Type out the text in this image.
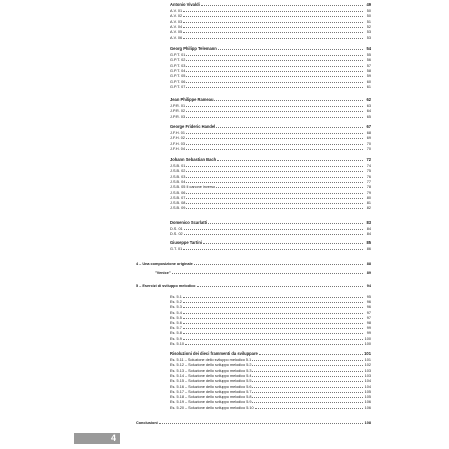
Antonio Vivaldi	49
A.V. 01	50
A.V. 02	50
A.V. 03	51
A.V. 04	52
A.V. 05	53
A.V. 06	53
Georg Philipp Telemann	54
G.P.T. 01	55
G.P.T. 02	56
G.P.T. 03	57
G.P.T. 04	58
G.P.T. 05	59
G.P.T. 06	60
G.P.T. 07	61
Jean Philippe Rameau	62
J.P.R. 01	63
J.P.R. 02	64
J.P.R. 03	65
George Frideric Handel	67
J.F.H. 01	68
J.F.H. 02	69
J.F.H. 03	70
J.F.H. 04	70
Johann Sebastian Bach	72
J.S.B. 01	74
J.S.B. 02	75
J.S.B. 03	76
J.S.B. 04	77
J.S.B. 05 Il canone inverso	78
J.S.B. 06	79
J.S.B. 07	80
J.S.B. 08	81
J.S.B. 09	82
Domenico Scarlatti	83
D.S. 01	84
D.S. 02	84
Giuseppe Tartini	85
G.T. 01	86
4 – Una composizione originale	88
"Venice"	89
5 – Esercizi di sviluppo melodico	94
Es. 5.1	95
Es. 5.2	96
Es. 5.3	96
Es. 5.4	97
Es. 5.5	97
Es. 5.6	98
Es. 5.7	99
Es. 5.8	99
Es. 5.9	100
Es. 5.10	100
Risoluzioni dei dieci frammenti da sviluppare	101
Es. 5.11 – Soluzione dello sviluppo melodico 5.1	101
Es. 5.12 – Soluzione dello sviluppo melodico 5.2	102
Es. 5.13 – Soluzione dello sviluppo melodico 5.3	103
Es. 5.14 – Soluzione dello sviluppo melodico 5.4	103
Es. 5.15 – Soluzione dello sviluppo melodico 5.5	104
Es. 5.16 – Soluzione dello sviluppo melodico 5.6	104
Es. 5.17 – Soluzione dello sviluppo melodico 5.7	105
Es. 5.18 – Soluzione dello sviluppo melodico 5.8	105
Es. 5.19 – Soluzione dello sviluppo melodico 5.9	106
Es. 5.20 – Soluzione dello sviluppo melodico 5.10	106
Conclusioni	108
4
